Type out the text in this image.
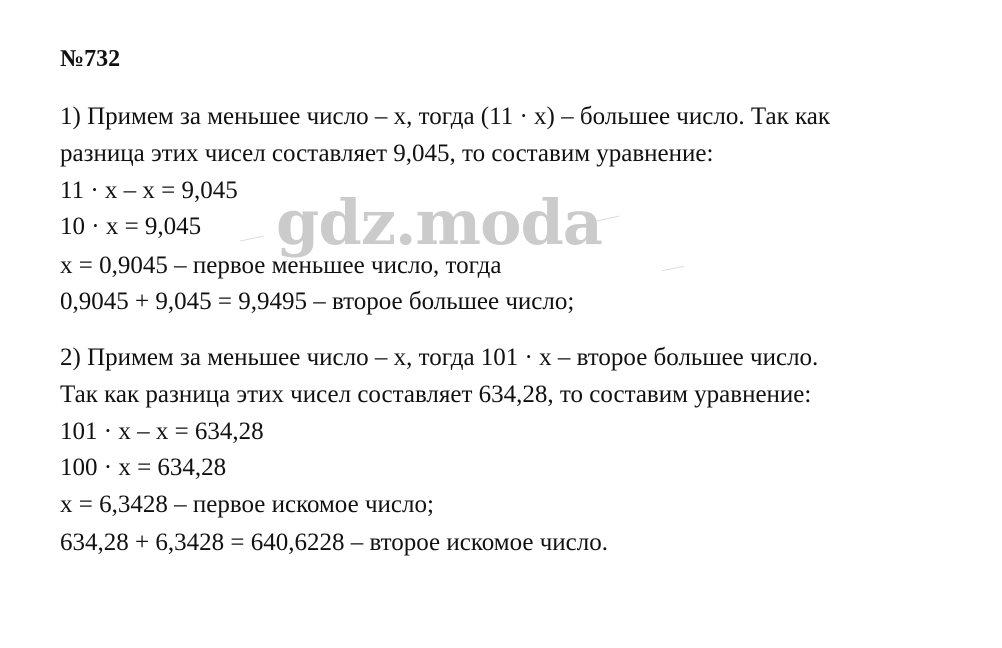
№732
1) Примем за меньшее число – x, тогда (11 · x) – большее число. Так как
разница этих чисел составляет 9,045, то составим уравнение:
11 · x – x = 9,045
10 · x = 9,045
x = 0,9045 – первое меньшее число, тогда
0,9045 + 9,045 = 9,9495 – второе большее число;
2) Примем за меньшее число – x, тогда 101 · x – второе большее число.
Так как разница этих чисел составляет 634,28, то составим уравнение:
101 · x – x = 634,28
100 · x = 634,28
x = 6,3428 – первое искомое число;
634,28 + 6,3428 = 640,6228 – второе искомое число.
gdz.moda
